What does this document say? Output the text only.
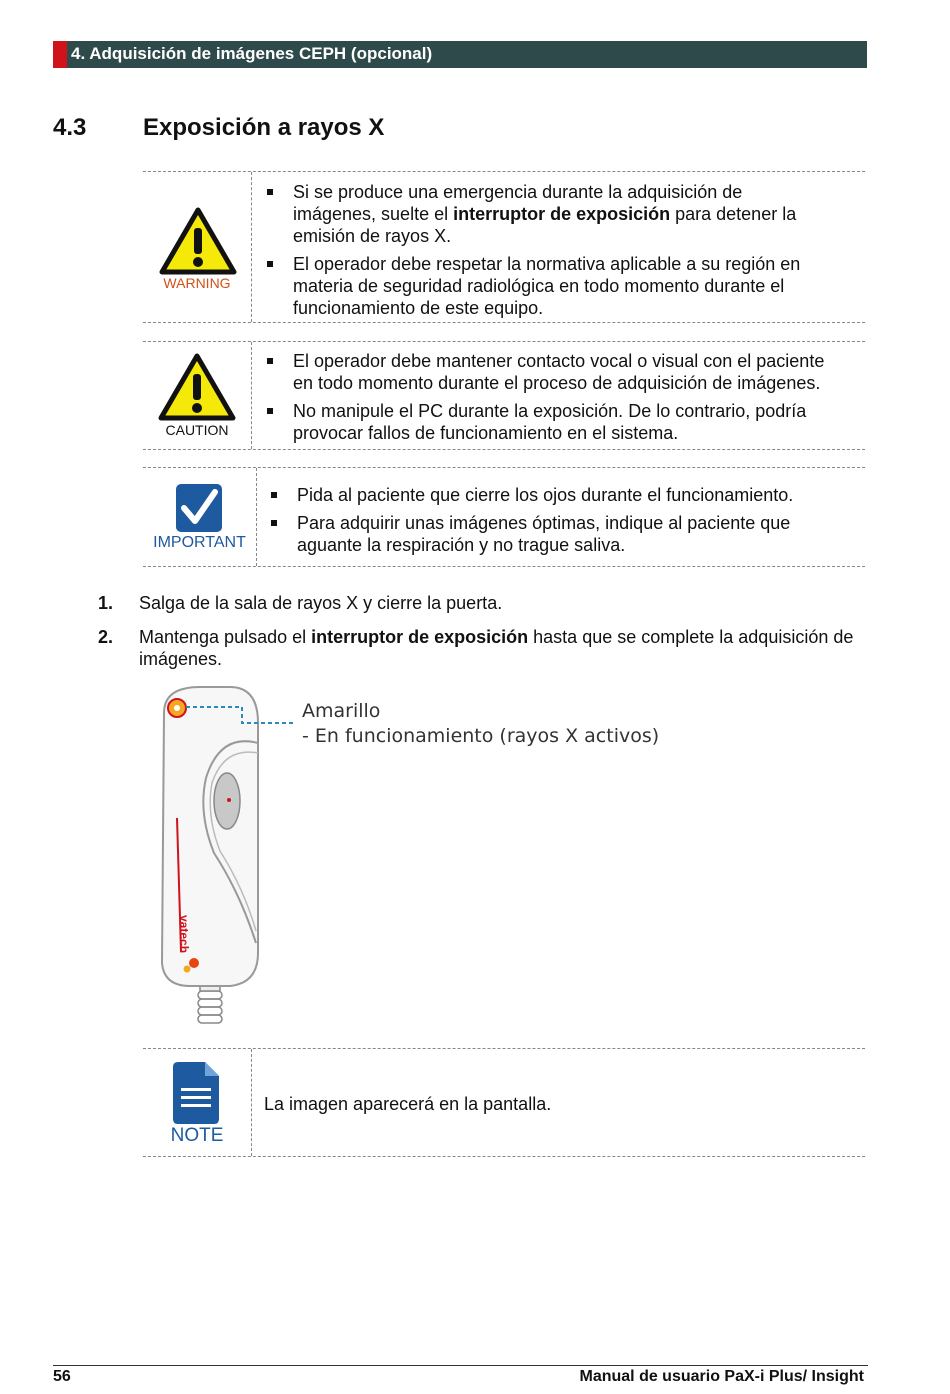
4. Adquisición de imágenes CEPH (opcional)
4.3 Exposición a rayos X
WARNING
Si se produce una emergencia durante la adquisición de imágenes, suelte el interruptor de exposición para detener la emisión de rayos X.
El operador debe respetar la normativa aplicable a su región en materia de seguridad radiológica en todo momento durante el funcionamiento de este equipo.
CAUTION
El operador debe mantener contacto vocal o visual con el paciente en todo momento durante el proceso de adquisición de imágenes.
No manipule el PC durante la exposición. De lo contrario, podría provocar fallos de funcionamiento en el sistema.
IMPORTANT
Pida al paciente que cierre los ojos durante el funcionamiento.
Para adquirir unas imágenes óptimas, indique al paciente que aguante la respiración y no trague saliva.
1. Salga de la sala de rayos X y cierre la puerta.
2. Mantenga pulsado el interruptor de exposición hasta que se complete la adquisición de imágenes.
vatech
Amarillo
- En funcionamiento (rayos X activos)
NOTE
La imagen aparecerá en la pantalla.
56	Manual de usuario PaX-i Plus/ Insight
